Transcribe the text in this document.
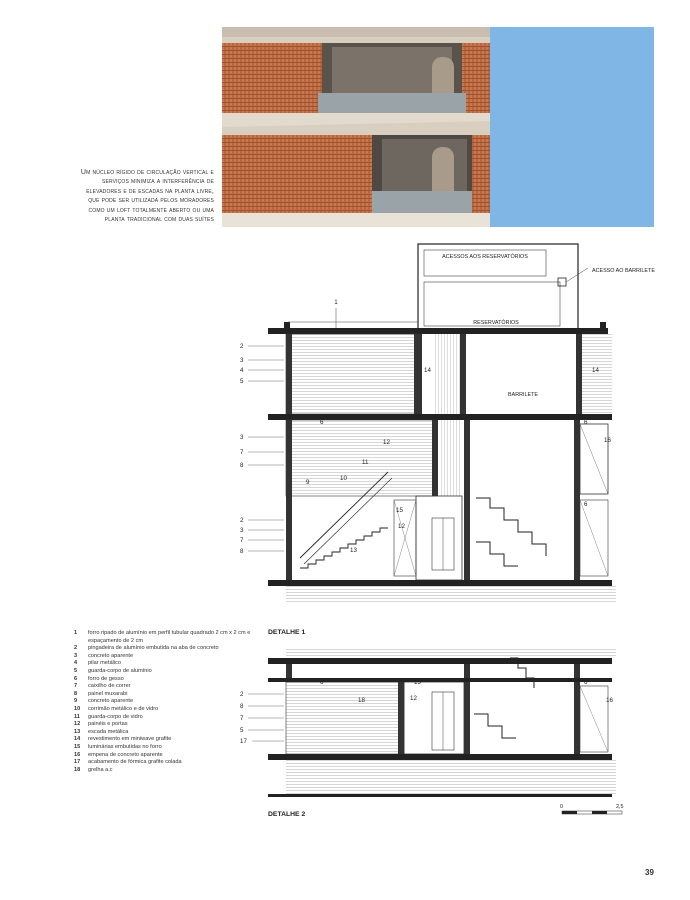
Um núcleo rígido de circulação vertical e serviços minimiza a interferência de elevadores e de escadas na planta livre, que pode ser utilizada pelos moradores como um loft totalmente aberto ou uma planta tradicional com duas suítes
ACESSOS AOS RESERVATÓRIOS
ACESSO AO BARRILETE
RESERVATÓRIOS
BARRILETE
1
2
3
4
5
3
7
8
9
10
11
12
14	14
6	6
16
15
12
6
2
3
7
8	13
DETALHE 1
2
8
7
5
17
6
18
15
12
6
16
DETALHE 2
0	2,5
1	forro ripado de alumínio em perfil tubular quadrado 2 cm x 2 cm e espaçamento de 2 cm
2	pingadeira de alumínio embutida na aba de concreto
3	concreto aparente
4	pilar metálico
5	guarda-corpo de alumínio
6	forro de gesso
7	caixilho de correr
8	painel muxarabi
9	concreto aparente
10	corrimão metálico e de vidro
11	guarda-corpo de vidro
12	painéis e portas
13	escada metálica
14	revestimento em miniwave grafite
15	luminárias embutidas no forro
16	empena de concreto aparente
17	acabamento de fórmica grafite colada
18	grelha a.c
39
